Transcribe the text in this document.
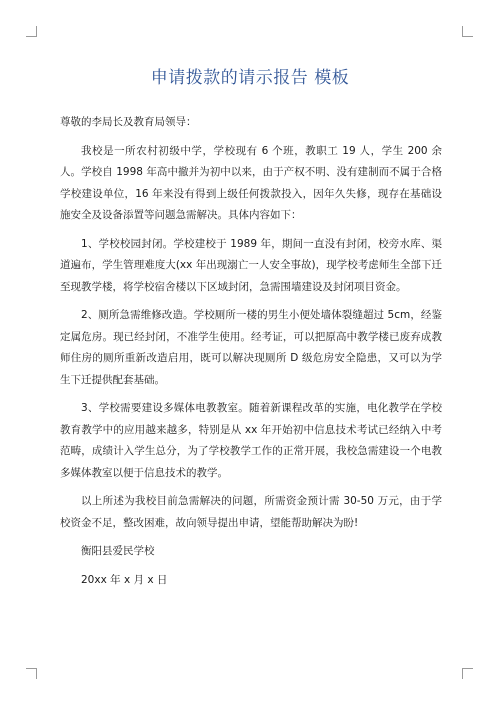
申请拨款的请示报告 模板

尊敬的李局长及教育局领导：

我校是一所农村初级中学，学校现有 6 个班，教职工 19 人，学生 200 余人。学校自 1998 年高中撤并为初中以来，由于产权不明、没有建制而不属于合格学校建设单位，16 年来没有得到上级任何拨款投入，因年久失修，现存在基础设施安全及设备添置等问题急需解决。具体内容如下：

1、学校校园封闭。学校建校于 1989 年，期间一直没有封闭，校旁水库、渠道遍布，学生管理难度大(xx 年出现溺亡一人安全事故)，现学校考虑师生全部下迁至现教学楼，将学校宿舍楼以下区域封闭，急需围墙建设及封闭项目资金。

2、厕所急需维修改造。学校厕所一楼的男生小便处墙体裂缝超过 5cm，经鉴定属危房。现已经封闭，不准学生使用。经考证，可以把原高中教学楼已废弃成教师住房的厕所重新改造启用，既可以解决现厕所 D 级危房安全隐患，又可以为学生下迁提供配套基础。

3、学校需要建设多媒体电教教室。随着新课程改革的实施，电化教学在学校教育教学中的应用越来越多，特别是从 xx 年开始初中信息技术考试已经纳入中考范畴，成绩计入学生总分，为了学校教学工作的正常开展，我校急需建设一个电教多媒体教室以便于信息技术的教学。

以上所述为我校目前急需解决的问题，所需资金预计需 30-50 万元，由于学校资金不足，整改困难，故向领导提出申请，望能帮助解决为盼!

衡阳县爱民学校

20xx 年 x 月 x 日
